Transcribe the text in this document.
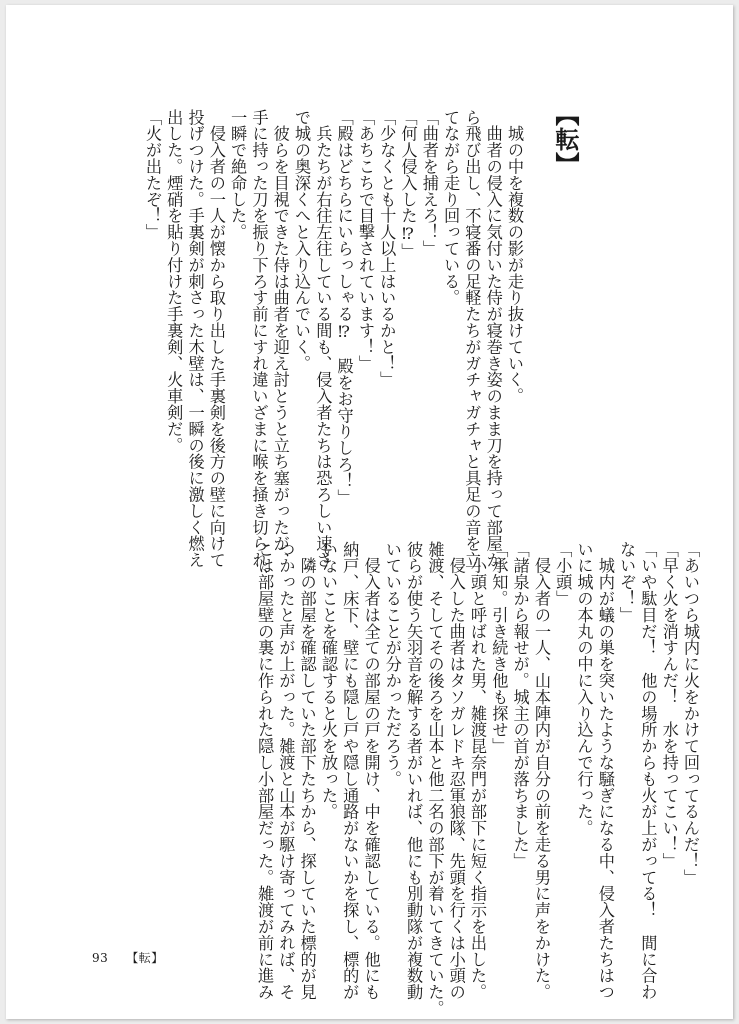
【転】

　城の中を複数の影が走り抜けていく。

　曲者の侵入に気付いた侍が寝巻き姿のまま刀を持って部屋か

ら飛び出し、不寝番の足軽たちがガチャガチャと具足の音を立

てながら走り回っている。

「曲者を捕えろ！」

「何人侵入した⁉」

「少なくとも十人以上はいるかと！」

「あちこちで目撃されています！」

「殿はどちらにいらっしゃる⁉　殿をお守りしろ！」

　兵たちが右往左往している間も、侵入者たちは恐ろしい速さ

で城の奥深くへと入り込んでいく。

　彼らを目視できた侍は曲者を迎え討とうと立ち塞がったが、

手に持った刀を振り下ろす前にすれ違いざまに喉を掻き切られ、

一瞬で絶命した。

　侵入者の一人が懐から取り出した手裏剣を後方の壁に向けて

投げつけた。手裏剣が刺さった木壁は、一瞬の後に激しく燃え

出した。煙硝を貼り付けた手裏剣、火車剣だ。

「火が出たぞ！」

「あいつら城内に火をかけて回ってるんだ！」

「早く火を消すんだ！　水を持ってこい！」

「いや駄目だ！　他の場所からも火が上がってる！　間に合わ

ないぞ！」

　城内が蟻の巣を突いたような騒ぎになる中、侵入者たちはつ

いに城の本丸の中に入り込んで行った。

「小頭」

　侵入者の一人、山本陣内が自分の前を走る男に声をかけた。

「諸泉から報せが。城主の首が落ちました」

「承知。引き続き他も探せ」

　小頭と呼ばれた男、雑渡昆奈門が部下に短く指示を出した。

　侵入した曲者はタソガレドキ忍軍狼隊、先頭を行くは小頭の

雑渡、そしてその後ろを山本と他二名の部下が着いてきていた。

彼らが使う矢羽音を解する者がいれば、他にも別動隊が複数動

いていることが分かっただろう。

　侵入者は全ての部屋の戸を開け、中を確認している。他にも

納戸、床下、壁にも隠し戸や隠し通路がないかを探し、標的が

いないことを確認すると火を放った。

　隣の部屋を確認していた部下たちから、探していた標的が見

つかったと声が上がった。雑渡と山本が駆け寄ってみれば、そ

こは部屋壁の裏に作られた隠し小部屋だった。雑渡が前に進み

93 【転】
